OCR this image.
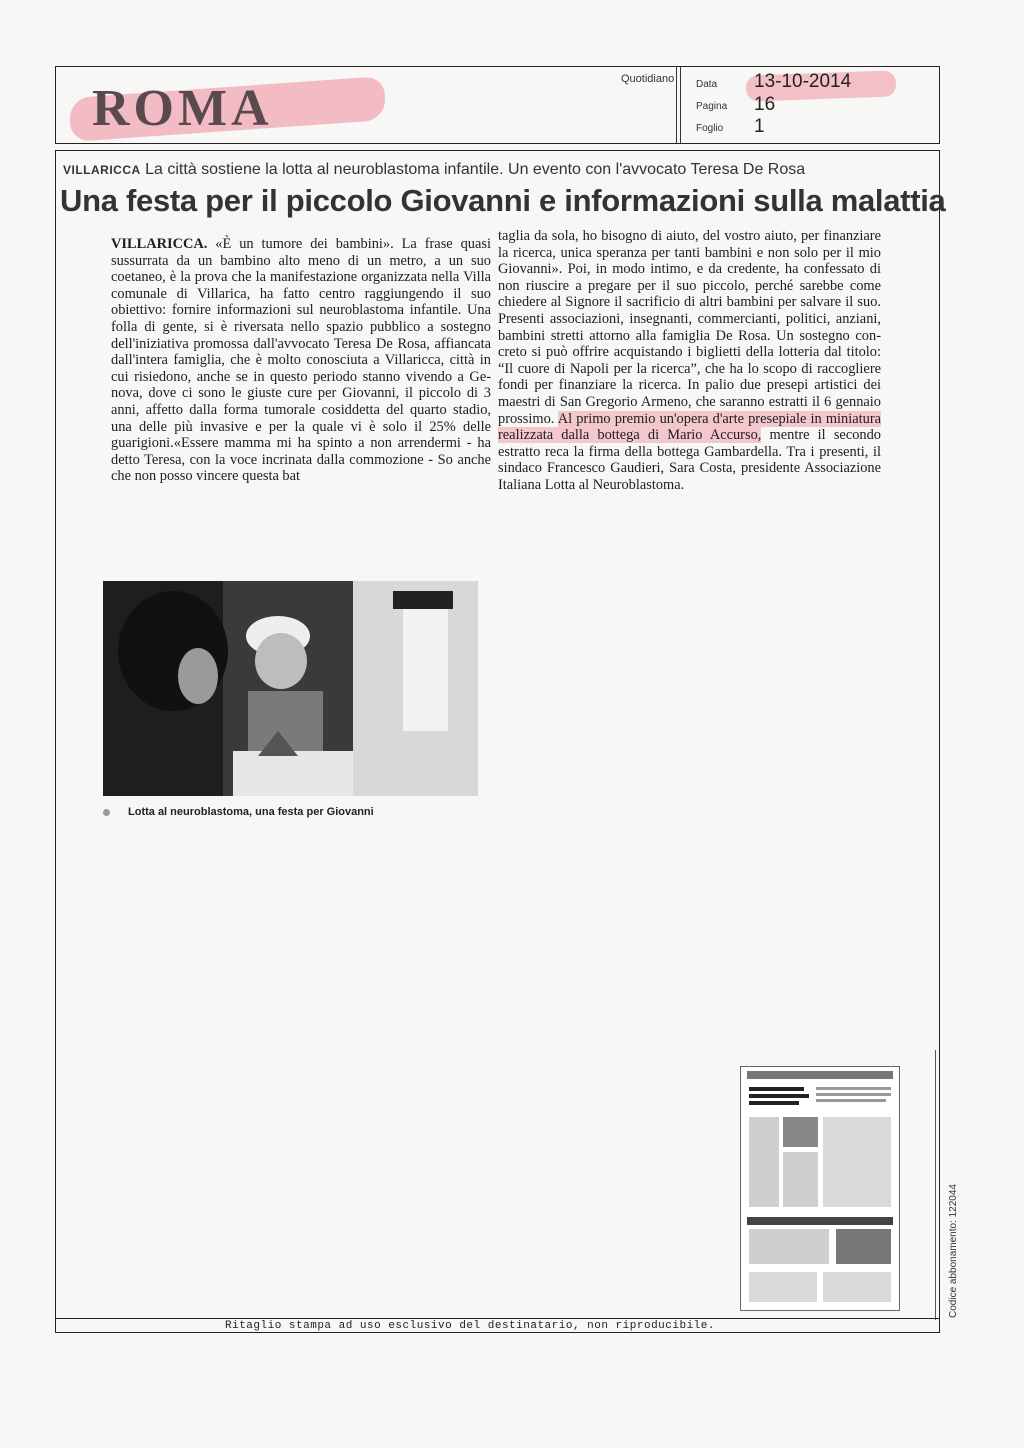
ROMA
Quotidiano Data	13-10-2014
Pagina	16
Foglio	1
VILLARICCA La città sostiene la lotta al neuroblastoma infantile. Un evento con l'avvocato Teresa De Rosa
Una festa per il piccolo Giovanni e informazioni sulla malattia
VILLARICCA. «È un tumore dei bambini». La frase quasi sussurrata da un bambino alto meno di un metro, a un suo coetaneo, è la prova che la manifestazione organizzata nella Villa comunale di Villarica, ha fatto centro raggiungendo il suo obiettivo: fornire informazioni sul neuroblastoma infantile. Una folla di gente, si è riversata nello spazio pubblico a sostegno dell'iniziativa promossa dall'avvocato Teresa De Rosa, affiancata dall'intera famiglia, che è molto conosciuta a Villaricca, città in cui risiedono, anche se in questo periodo stanno vivendo a Genova, dove ci sono le giuste cure per Giovanni, il piccolo di 3 anni, affetto dalla forma tumorale cosiddetta del quarto stadio, una delle più invasive e per la quale vi è solo il 25% delle guarigioni.«Essere mamma mi ha spinto a non arrendermi - ha detto Teresa, con la voce incrinata dalla commozione - So anche che non posso vincere questa bat
taglia da sola, ho bisogno di aiuto, del vostro aiuto, per finanziare la ricerca, unica speranza per tanti bambini e non solo per il mio Giovanni». Poi, in modo intimo, e da credente, ha confessato di non riuscire a pregare per il suo piccolo, perché sarebbe come chiedere al Signore il sacrificio di altri bambini per salvare il suo. Presenti associazioni, insegnanti, commercianti, politici, anziani, bambini stretti attorno alla famiglia De Rosa. Un sostegno concreto si può offrire acquistando i biglietti della lotteria dal titolo: “Il cuore di Napoli per la ricerca”, che ha lo scopo di raccogliere fondi per finanziare la ricerca. In palio due presepi artistici dei maestri di San Gregorio Armeno, che saranno estratti il 6 gennaio prossimo. Al primo premio un'opera d'arte presepiale in miniatura realizzata dalla bottega di Mario Accurso, mentre il secondo estratto reca la firma della bottega Gambardella. Tra i presenti, il sindaco Francesco Gaudieri, Sara Costa, presidente Associazione Italiana Lotta al Neuroblastoma.
Lotta al neuroblastoma, una festa per Giovanni
Codice abbonamento: 122044
Ritaglio stampa ad uso esclusivo del destinatario, non riproducibile.
